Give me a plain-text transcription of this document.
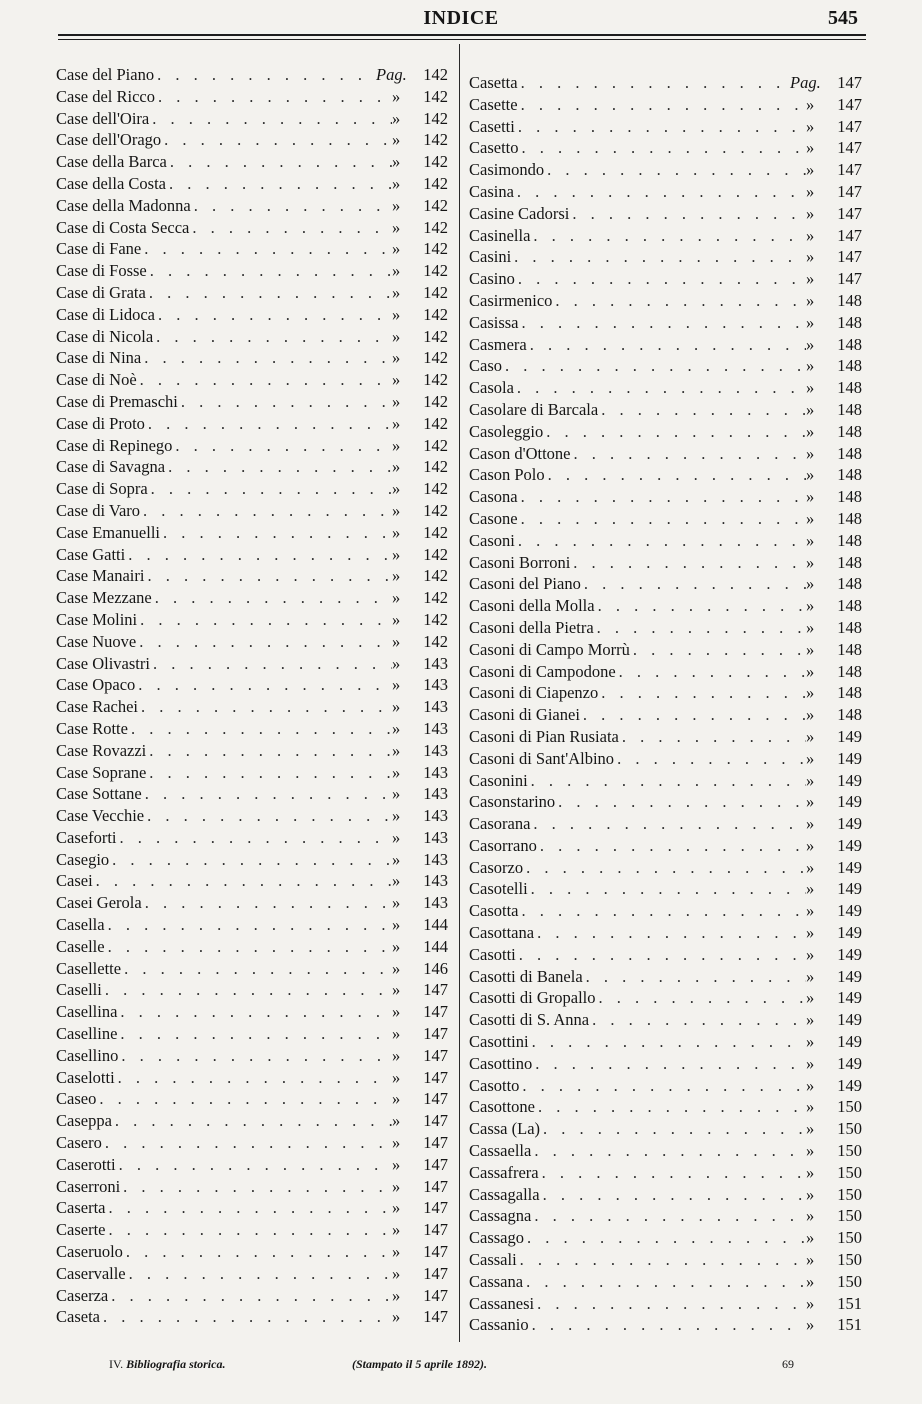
INDICE	545
Case del Piano . . .	Pag.	142
Case del Ricco . . .	»	142
Case dell'Oira . . .	»	142
Case dell'Orago . . .	»	142
Case della Barca . . .	»	142
Case della Costa . . .	»	142
Case della Madonna . . .	»	142
Case di Costa Secca . . .	»	142
Case di Fane . . .	»	142
Case di Fosse . . .	»	142
Case di Grata . . .	»	142
Case di Lidoca . . .	»	142
Case di Nicola . . .	»	142
Case di Nina . . .	»	142
Case di Noè . . .	»	142
Case di Premaschi . . .	»	142
Case di Proto . . .	»	142
Case di Repinego . . .	»	142
Case di Savagna . . .	»	142
Case di Sopra . . .	»	142
Case di Varo . . .	»	142
Case Emanuelli . . .	»	142
Case Gatti . . .	»	142
Case Manairi . . .	»	142
Case Mezzane . . .	»	142
Case Molini . . .	»	142
Case Nuove . . .	»	142
Case Olivastri . . .	»	143
Case Opaco . . .	»	143
Case Rachei . . .	»	143
Case Rotte . . .	»	143
Case Rovazzi . . .	»	143
Case Soprane . . .	»	143
Case Sottane . . .	»	143
Case Vecchie . . .	»	143
Caseforti . . .	»	143
Casegio . . .	»	143
Casei . . .	»	143
Casei Gerola . . .	»	143
Casella . . .	»	144
Caselle . . .	»	144
Casellette . . .	»	146
Caselli . . .	»	147
Casellina . . .	»	147
Caselline . . .	»	147
Casellino . . .	»	147
Caselotti . . .	»	147
Caseo . . .	»	147
Caseppa . . .	»	147
Casero . . .	»	147
Caserotti . . .	»	147
Caserroni . . .	»	147
Caserta . . .	»	147
Caserte . . .	»	147
Caseruolo . . .	»	147
Caservalle . . .	»	147
Caserza . . .	»	147
Caseta . . .	»	147
Casetta . . .	Pag.	147
Casette . . .	»	147
Casetti . . .	»	147
Casetto . . .	»	147
Casimondo . . .	»	147
Casina . . .	»	147
Casine Cadorsi . . .	»	147
Casinella . . .	»	147
Casini . . .	»	147
Casino . . .	»	147
Casirmenico . . .	»	148
Casissa . . .	»	148
Casmera . . .	»	148
Caso . . .	»	148
Casola . . .	»	148
Casolare di Barcala . . .	»	148
Casoleggio . . .	»	148
Cason d'Ottone . . .	»	148
Cason Polo . . .	»	148
Casona . . .	»	148
Casone . . .	»	148
Casoni . . .	»	148
Casoni Borroni . . .	»	148
Casoni del Piano . . .	»	148
Casoni della Molla . . .	»	148
Casoni della Pietra . . .	»	148
Casoni di Campo Morrù . . .	»	148
Casoni di Campodone . . .	»	148
Casoni di Ciapenzo . . .	»	148
Casoni di Gianei . . .	»	148
Casoni di Pian Rusiata . . .	»	149
Casoni di Sant'Albino . . .	»	149
Casonini . . .	»	149
Casonstarino . . .	»	149
Casorana . . .	»	149
Casorrano . . .	»	149
Casorzo . . .	»	149
Casotelli . . .	»	149
Casotta . . .	»	149
Casottana . . .	»	149
Casotti . . .	»	149
Casotti di Banela . . .	»	149
Casotti di Gropallo . . .	»	149
Casotti di S. Anna . . .	»	149
Casottini . . .	»	149
Casottino . . .	»	149
Casotto . . .	»	149
Casottone . . .	»	150
Cassa (La) . . .	»	150
Cassaella . . .	»	150
Cassafrera . . .	»	150
Cassagalla . . .	»	150
Cassagna . . .	»	150
Cassago . . .	»	150
Cassali . . .	»	150
Cassana . . .	»	150
Cassanesi . . .	»	151
Cassanio . . .	»	151
IV. Bibliografia storica.	(Stampato il 5 aprile 1892).	69
